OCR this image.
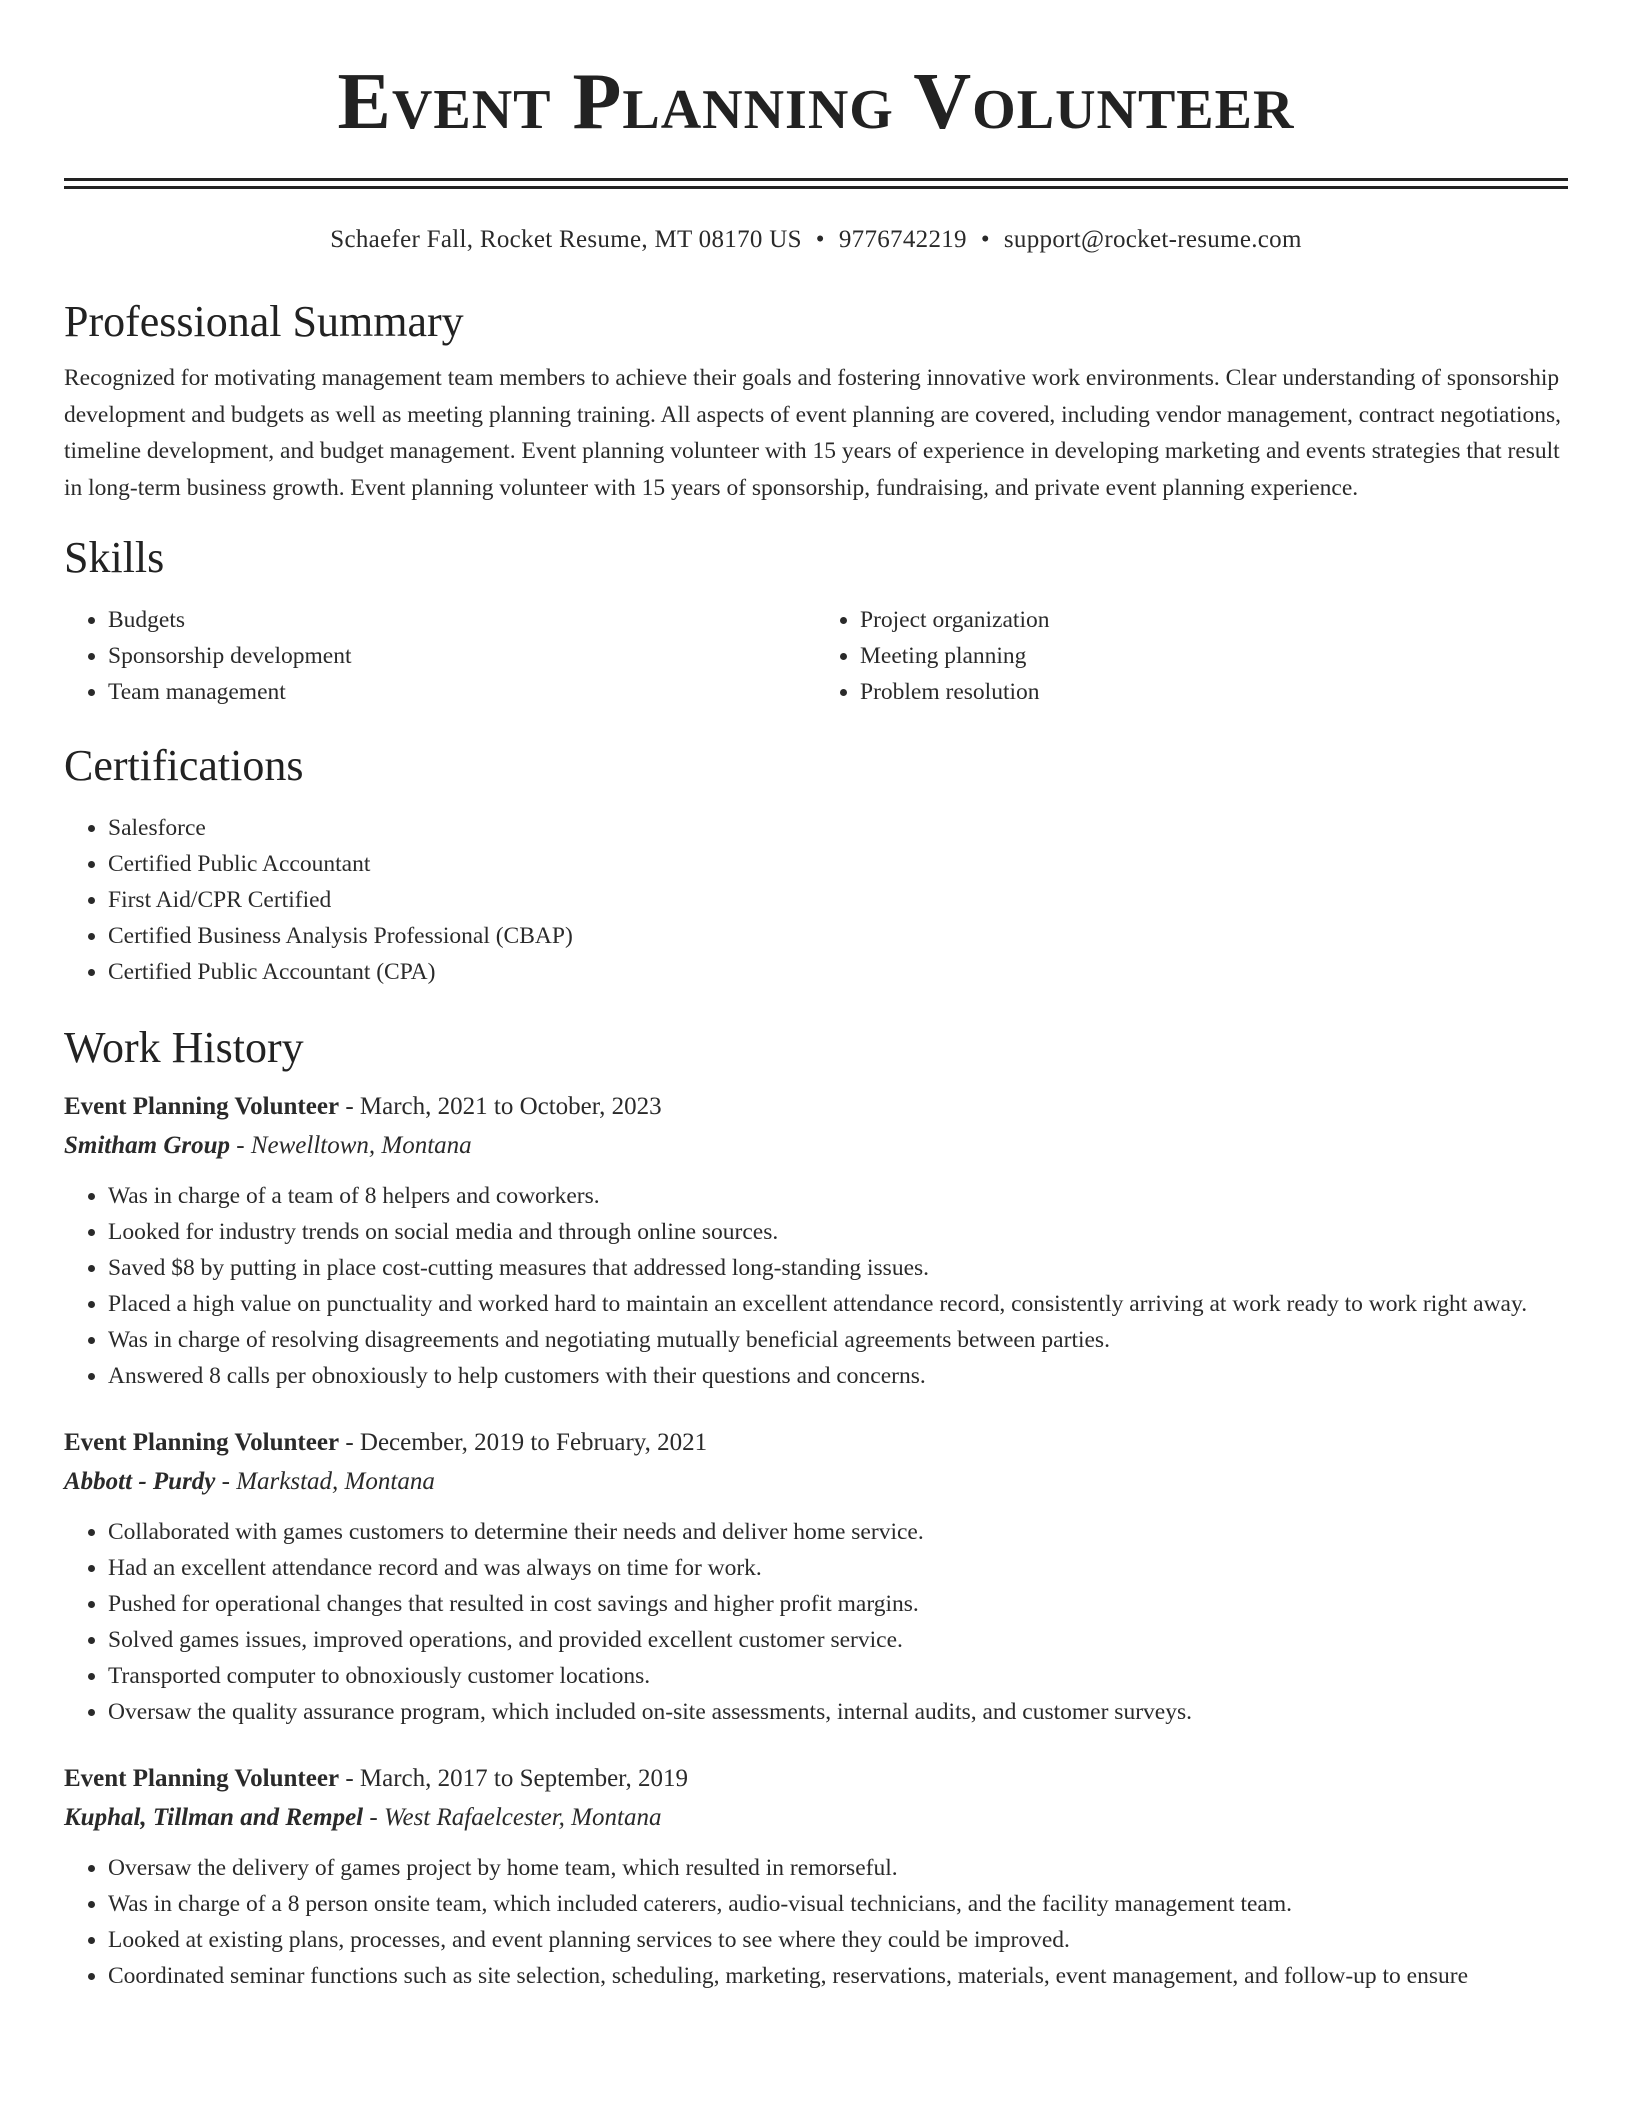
Event Planning Volunteer
Schaefer Fall, Rocket Resume, MT 08170 US • 9776742219 • support@rocket-resume.com
Professional Summary

Recognized for motivating management team members to achieve their goals and fostering innovative work environments. Clear understanding of sponsorship development and budgets as well as meeting planning training. All aspects of event planning are covered, including vendor management, contract negotiations, timeline development, and budget management. Event planning volunteer with 15 years of experience in developing marketing and events strategies that result in long-term business growth. Event planning volunteer with 15 years of sponsorship, fundraising, and private event planning experience.

Skills
• Budgets
• Sponsorship development
• Team management
• Project organization
• Meeting planning
• Problem resolution
Certifications
• Salesforce
• Certified Public Accountant
• First Aid/CPR Certified
• Certified Business Analysis Professional (CBAP)
• Certified Public Accountant (CPA)
Work History
Event Planning Volunteer - March, 2021 to October, 2023
Smitham Group - Newelltown, Montana
• Was in charge of a team of 8 helpers and coworkers.
• Looked for industry trends on social media and through online sources.
• Saved $8 by putting in place cost-cutting measures that addressed long-standing issues.
• Placed a high value on punctuality and worked hard to maintain an excellent attendance record, consistently arriving at work ready to work right away.
• Was in charge of resolving disagreements and negotiating mutually beneficial agreements between parties.
• Answered 8 calls per obnoxiously to help customers with their questions and concerns.
Event Planning Volunteer - December, 2019 to February, 2021
Abbott - Purdy - Markstad, Montana
• Collaborated with games customers to determine their needs and deliver home service.
• Had an excellent attendance record and was always on time for work.
• Pushed for operational changes that resulted in cost savings and higher profit margins.
• Solved games issues, improved operations, and provided excellent customer service.
• Transported computer to obnoxiously customer locations.
• Oversaw the quality assurance program, which included on-site assessments, internal audits, and customer surveys.
Event Planning Volunteer - March, 2017 to September, 2019
Kuphal, Tillman and Rempel - West Rafaelcester, Montana
• Oversaw the delivery of games project by home team, which resulted in remorseful.
• Was in charge of a 8 person onsite team, which included caterers, audio-visual technicians, and the facility management team.
• Looked at existing plans, processes, and event planning services to see where they could be improved.
• Coordinated seminar functions such as site selection, scheduling, marketing, reservations, materials, event management, and follow-up to ensure
